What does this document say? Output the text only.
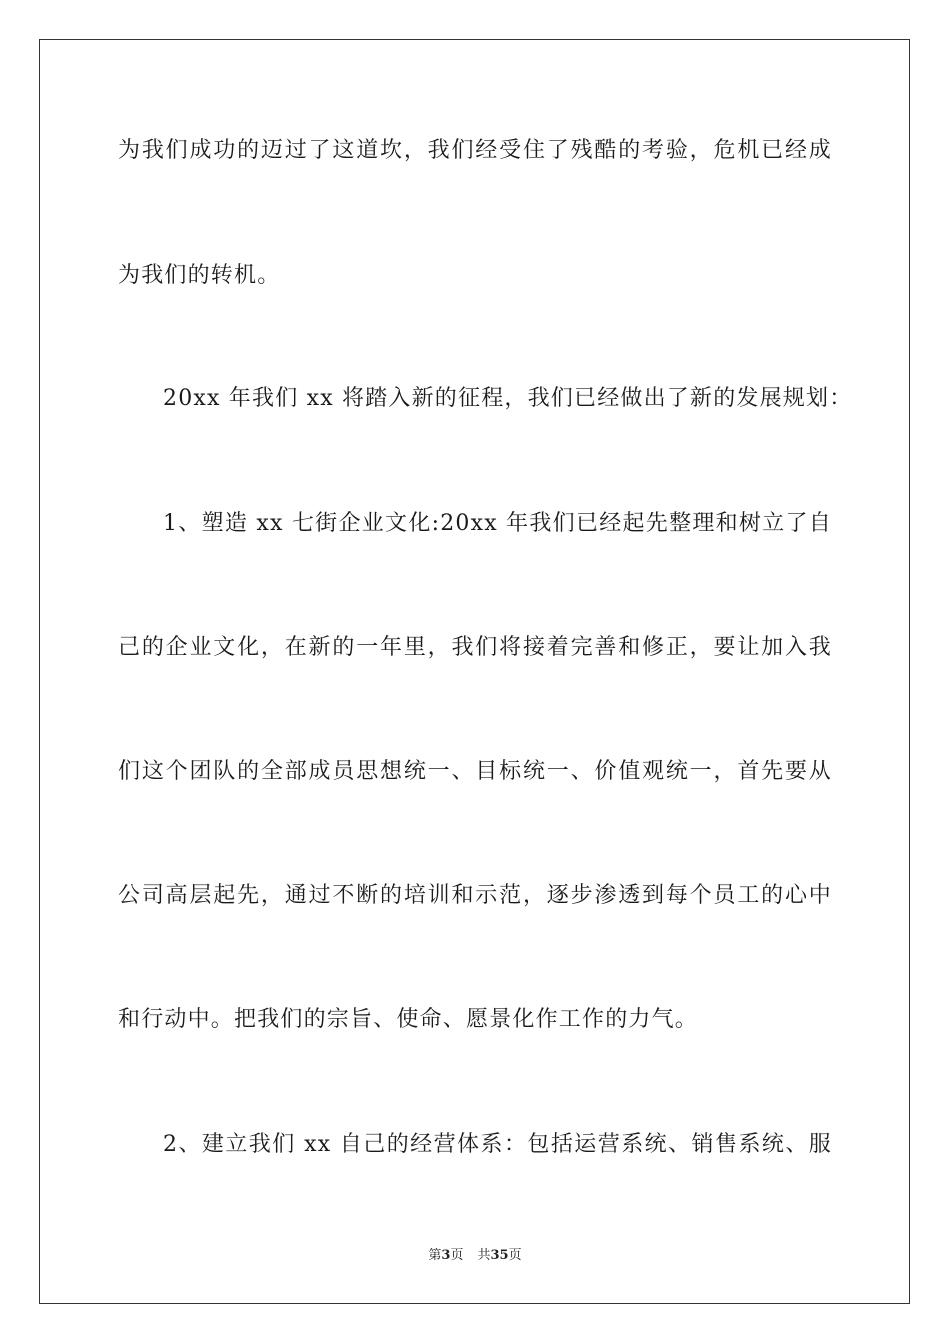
为我们成功的迈过了这道坎，我们经受住了残酷的考验，危机已经成
为我们的转机。
20xx 年我们 xx 将踏入新的征程，我们已经做出了新的发展规划：
1、塑造 xx 七街企业文化:20xx 年我们已经起先整理和树立了自
己的企业文化，在新的一年里，我们将接着完善和修正，要让加入我
们这个团队的全部成员思想统一、目标统一、价值观统一，首先要从
公司高层起先，通过不断的培训和示范，逐步渗透到每个员工的心中
和行动中。把我们的宗旨、使命、愿景化作工作的力气。
2、建立我们 xx 自己的经营体系：包括运营系统、销售系统、服
第3页 共35页
